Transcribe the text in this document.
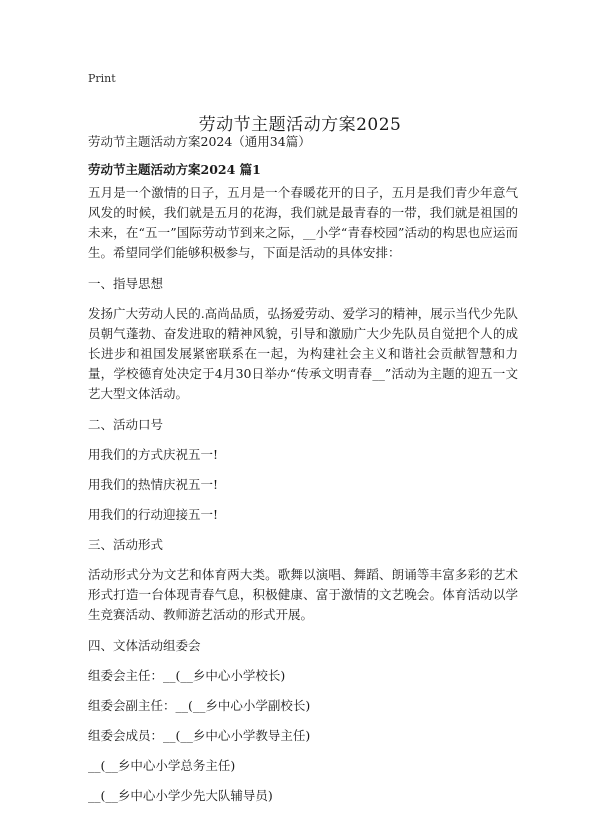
Print
劳动节主题活动方案2025
劳动节主题活动方案2024（通用34篇）
劳动节主题活动方案2024 篇1

五月是一个激情的日子，五月是一个春暖花开的日子，五月是我们青少年意气风发的时候，我们就是五月的花海，我们就是最青春的一带，我们就是祖国的未来，在“五一”国际劳动节到来之际，__小学“青春校园”活动的构思也应运而生。希望同学们能够积极参与，下面是活动的具体安排：

一、指导思想

发扬广大劳动人民的.高尚品质，弘扬爱劳动、爱学习的精神，展示当代少先队员朝气蓬勃、奋发进取的精神风貌，引导和激励广大少先队员自觉把个人的成长进步和祖国发展紧密联系在一起，为构建社会主义和谐社会贡献智慧和力量，学校德育处决定于4月30日举办“传承文明青春__”活动为主题的迎五一文艺大型文体活动。

二、活动口号

用我们的方式庆祝五一!

用我们的热情庆祝五一!

用我们的行动迎接五一!

三、活动形式

活动形式分为文艺和体育两大类。歌舞以演唱、舞蹈、朗诵等丰富多彩的艺术形式打造一台体现青春气息，积极健康、富于激情的文艺晚会。体育活动以学生竞赛活动、教师游艺活动的形式开展。

四、文体活动组委会

组委会主任：__(__乡中心小学校长)

组委会副主任：__(__乡中心小学副校长)

组委会成员：__(__乡中心小学教导主任)

__(__乡中心小学总务主任)

__(__乡中心小学少先大队辅导员)
